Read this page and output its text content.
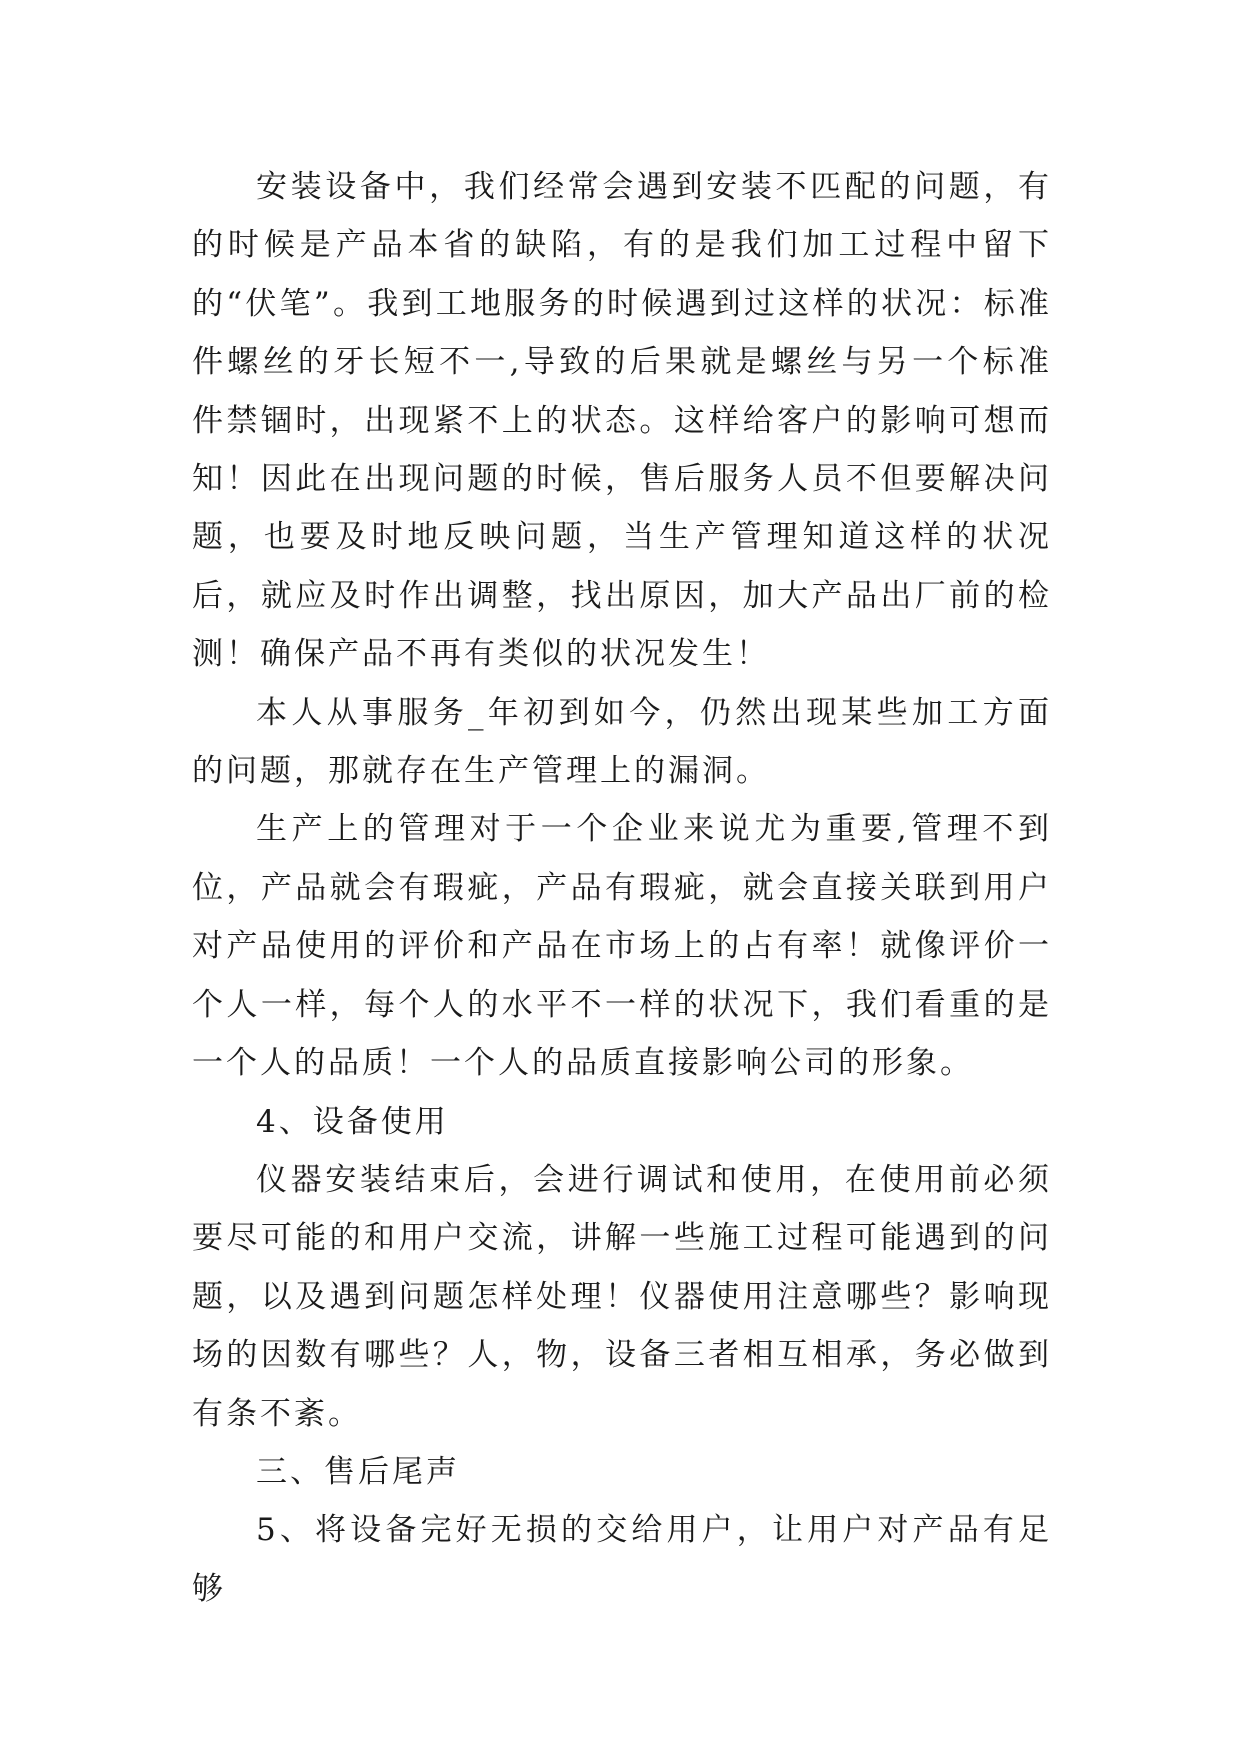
安装设备中，我们经常会遇到安装不匹配的问题，有的时候是产品本省的缺陷，有的是我们加工过程中留下的“伏笔”。我到工地服务的时候遇到过这样的状况：标准件螺丝的牙长短不一,导致的后果就是螺丝与另一个标准件禁锢时，出现紧不上的状态。这样给客户的影响可想而知！因此在出现问题的时候，售后服务人员不但要解决问题，也要及时地反映问题，当生产管理知道这样的状况后，就应及时作出调整，找出原因，加大产品出厂前的检测！确保产品不再有类似的状况发生！

本人从事服务_年初到如今，仍然出现某些加工方面的问题，那就存在生产管理上的漏洞。

生产上的管理对于一个企业来说尤为重要,管理不到位，产品就会有瑕疵，产品有瑕疵，就会直接关联到用户对产品使用的评价和产品在市场上的占有率！就像评价一个人一样，每个人的水平不一样的状况下，我们看重的是一个人的品质！一个人的品质直接影响公司的形象。

4、设备使用

仪器安装结束后，会进行调试和使用，在使用前必须要尽可能的和用户交流，讲解一些施工过程可能遇到的问题，以及遇到问题怎样处理！仪器使用注意哪些？影响现场的因数有哪些？人，物，设备三者相互相承，务必做到有条不紊。

三、售后尾声

5、将设备完好无损的交给用户，让用户对产品有足够
